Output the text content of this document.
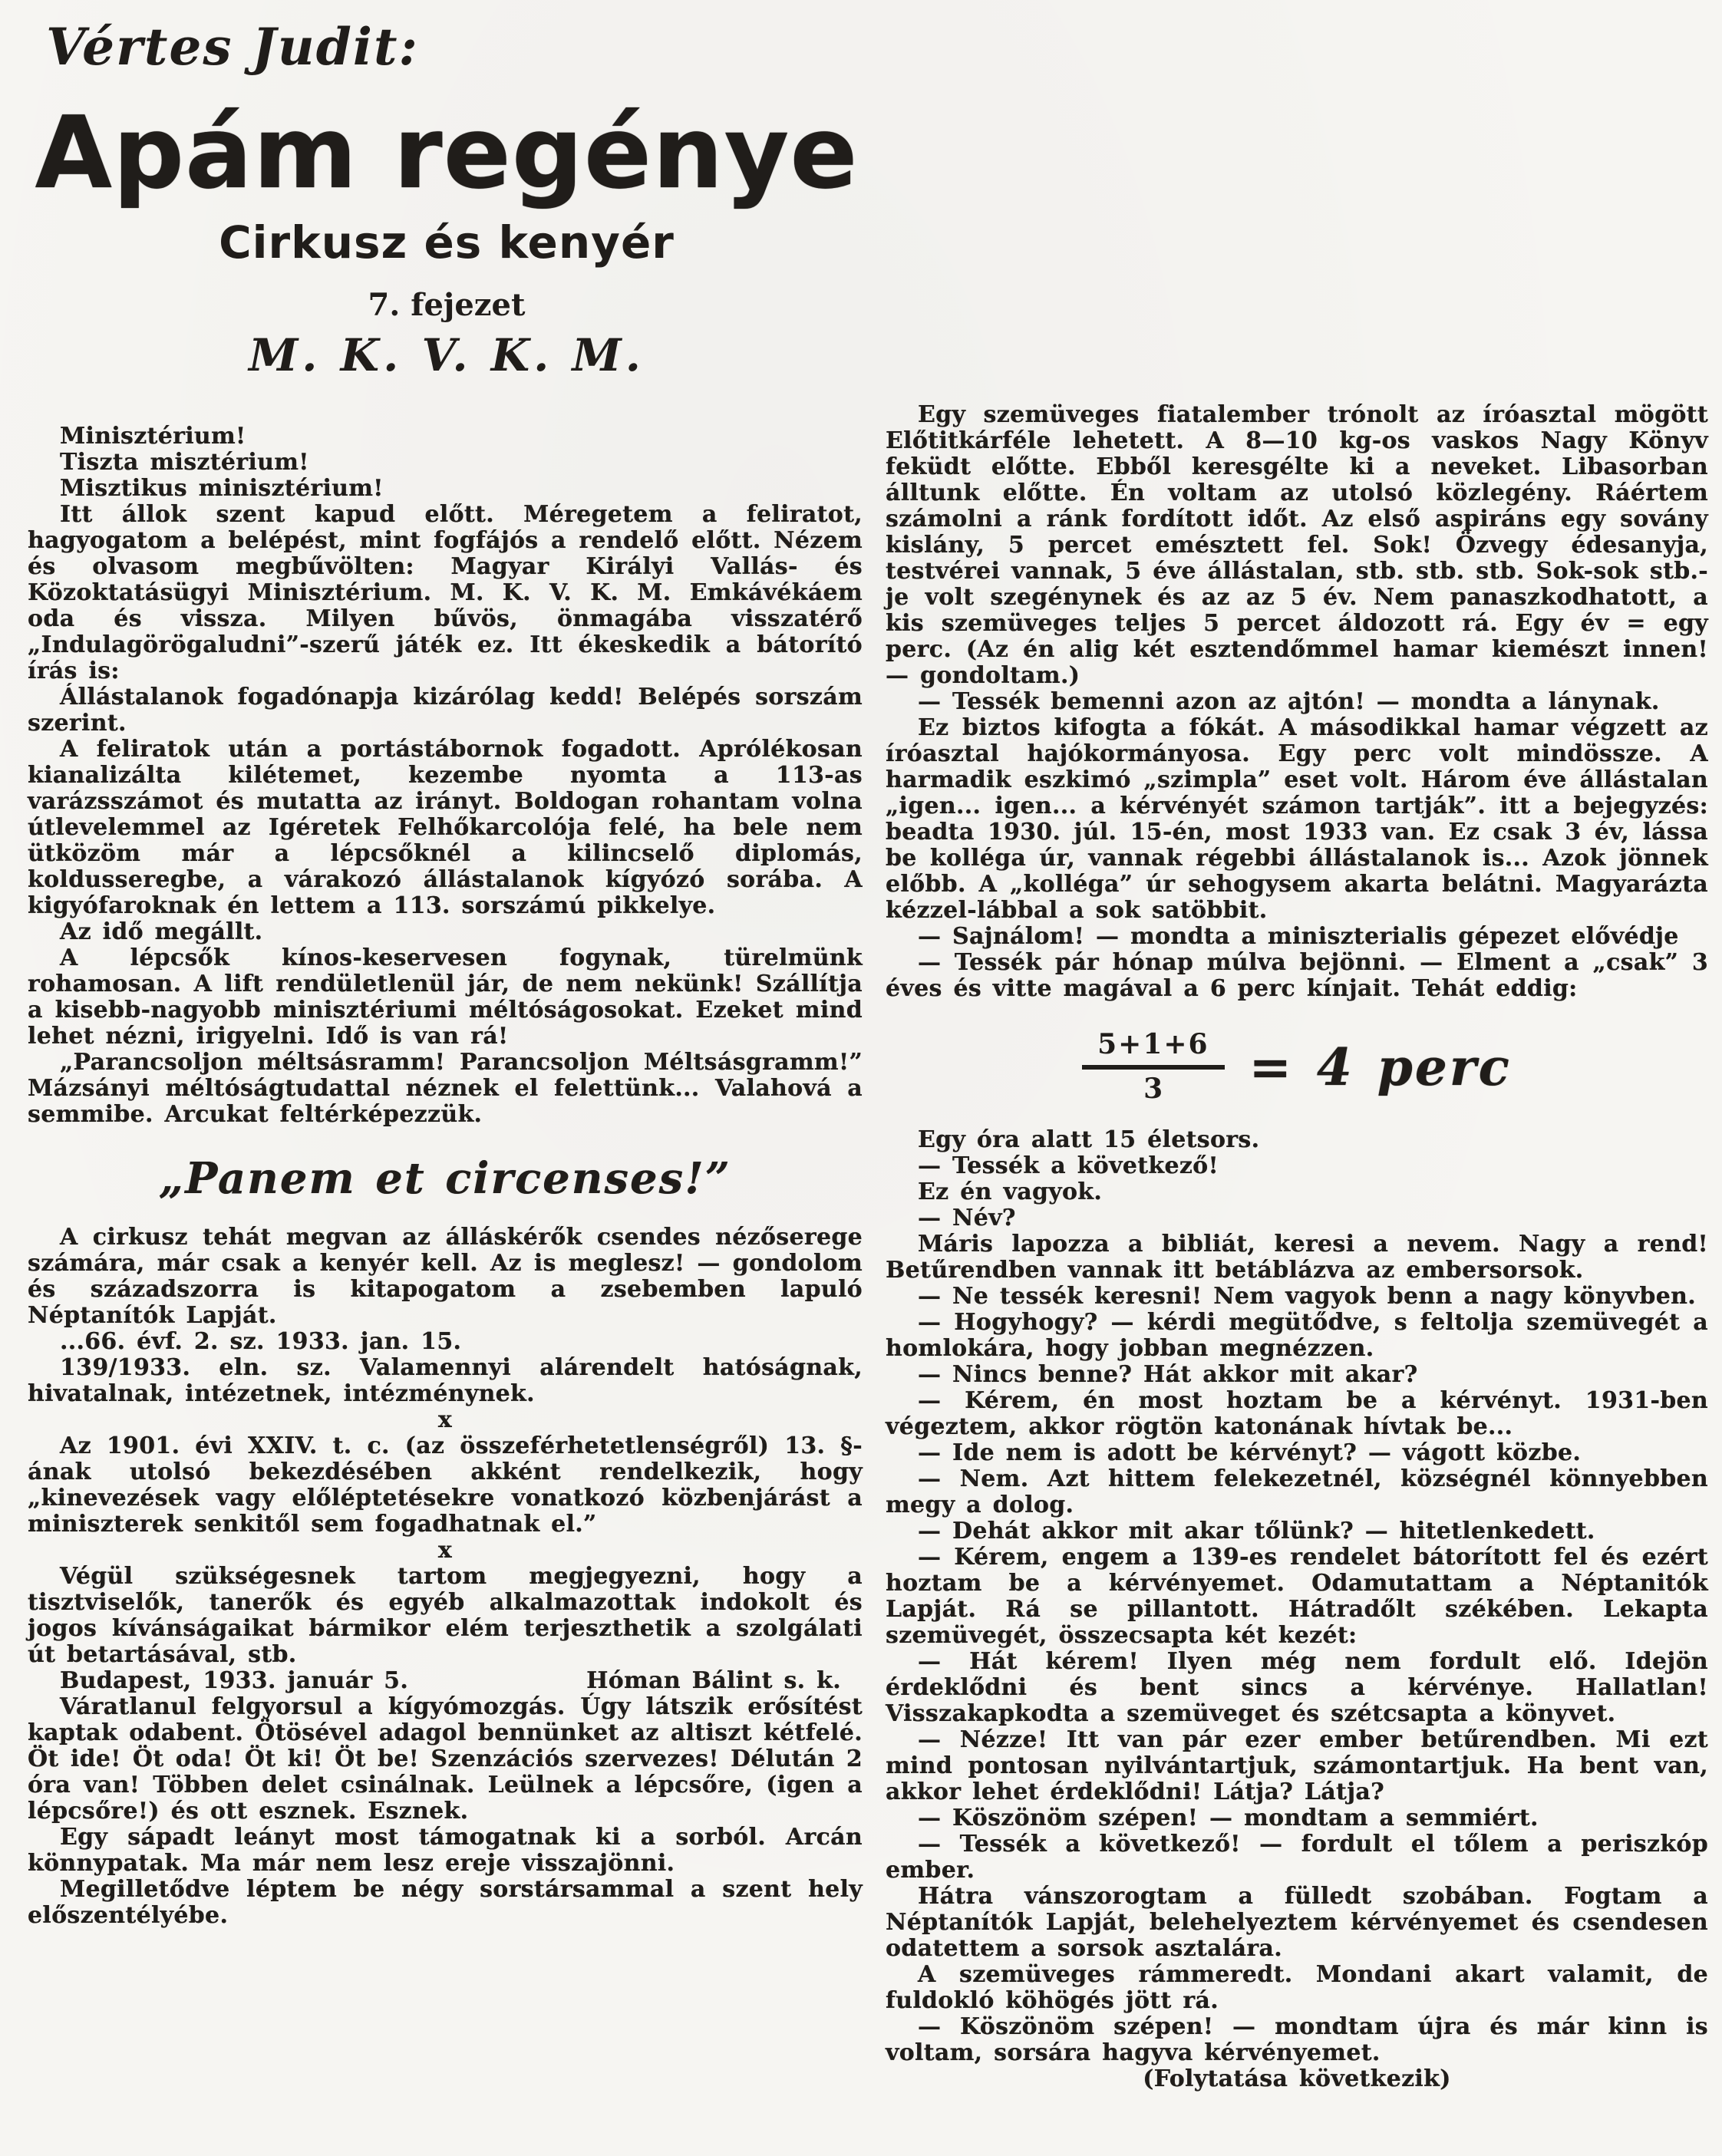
Vértes Judit:
Apám regénye
Cirkusz és kenyér
7. fejezet
M. K. V. K. M.

Minisztérium!

Tiszta misztérium!

Misztikus minisztérium!

Itt állok szent kapud előtt. Méregetem a feliratot, hagyogatom a belépést, mint fogfájós a rendelő előtt. Nézem és olvasom megbűvölten: Magyar Királyi Vallás- és Közoktatásügyi Minisztérium. M. K. V. K. M. Emkávékáem oda és vissza. Milyen bűvös, önmagába visszatérő „Indulagörögaludni”-szerű játék ez. Itt ékeskedik a bátorító írás is:

Állástalanok fogadónapja kizárólag kedd! Belépés sorszám szerint.

A feliratok után a portástábornok fogadott. Aprólékosan kianalizálta kilétemet, kezembe nyomta a 113-as varázsszámot és mutatta az irányt. Boldogan rohantam volna útlevelemmel az Igéretek Felhőkarcolója felé, ha bele nem ütközöm már a lépcsőknél a kilincselő diplomás, koldusseregbe, a várakozó állástalanok kígyózó sorába. A kigyófaroknak én lettem a 113. sorszámú pikkelye.

Az idő megállt.

A lépcsők kínos-keservesen fogynak, türelmünk rohamosan. A lift rendületlenül jár, de nem nekünk! Szállítja a kisebb-nagyobb minisztériumi méltóságosokat. Ezeket mind lehet nézni, irigyelni. Idő is van rá!

„Parancsoljon méltsásramm! Parancsoljon Méltsásgramm!” Mázsányi méltóságtudattal néznek el felettünk... Valahová a semmibe. Arcukat feltérképezzük.

„Panem et circenses!”

A cirkusz tehát megvan az álláskérők csendes nézőserege számára, már csak a kenyér kell. Az is meglesz! — gondolom és századszorra is kitapogatom a zsebemben lapuló Néptanítók Lapját.

...66. évf. 2. sz. 1933. jan. 15.

139/1933. eln. sz. Valamennyi alárendelt hatóságnak, hivatalnak, intézetnek, intézménynek.

x

Az 1901. évi XXIV. t. c. (az összeférhetetlenségről) 13. §-ának utolsó bekezdésében akként rendelkezik, hogy „kinevezések vagy előléptetésekre vonatkozó közbenjárást a miniszterek senkitől sem fogadhatnak el.”

x

Végül szükségesnek tartom megjegyezni, hogy a tisztviselők, tanerők és egyéb alkalmazottak indokolt és jogos kívánságaikat bármikor elém terjeszthetik a szolgálati út betartásával, stb.

Budapest, 1933. január 5.	Hóman Bálint s. k.

Váratlanul felgyorsul a kígyómozgás. Úgy látszik erősítést kaptak odabent. Ötösével adagol bennünket az altiszt kétfelé. Öt ide! Öt oda! Öt ki! Öt be! Szenzációs szervezes! Délután 2 óra van! Többen delet csinálnak. Leülnek a lépcsőre, (igen a lépcsőre!) és ott esznek. Esznek.

Egy sápadt leányt most támogatnak ki a sorból. Arcán könnypatak. Ma már nem lesz ereje visszajönni.

Megilletődve léptem be négy sorstársammal a szent hely előszentélyébe.

Egy szemüveges fiatalember trónolt az íróasztal mögött Előtitkárféle lehetett. A 8—10 kg-os vaskos Nagy Könyv feküdt előtte. Ebből keresgélte ki a neveket. Libasorban álltunk előtte. Én voltam az utolsó közlegény. Ráértem számolni a ránk fordított időt. Az első aspiráns egy sovány kislány, 5 percet emésztett fel. Sok! Özvegy édesanyja, testvérei vannak, 5 éve állástalan, stb. stb. stb. Sok-sok stb.-je volt szegénynek és az az 5 év. Nem panaszkodhatott, a kis szemüveges teljes 5 percet áldozott rá. Egy év = egy perc. (Az én alig két esztendőmmel hamar kiemészt innen! — gondoltam.)

— Tessék bemenni azon az ajtón! — mondta a lánynak.

Ez biztos kifogta a fókát. A másodikkal hamar végzett az íróasztal hajókormányosa. Egy perc volt mindössze. A harmadik eszkimó „szimpla” eset volt. Három éve állástalan „igen... igen... a kérvényét számon tartják”. itt a bejegyzés: beadta 1930. júl. 15-én, most 1933 van. Ez csak 3 év, lássa be kolléga úr, vannak régebbi állástalanok is... Azok jönnek előbb. A „kolléga” úr sehogysem akarta belátni. Magyarázta kézzel-lábbal a sok satöbbit.

— Sajnálom! — mondta a miniszterialis gépezet elővédje

— Tessék pár hónap múlva bejönni. — Elment a „csak” 3 éves és vitte magával a 6 perc kínjait. Tehát eddig:

$\frac{5+1+6}{3} = 4$ perc

Egy óra alatt 15 életsors.

— Tessék a következő!

Ez én vagyok.

— Név?

Máris lapozza a bibliát, keresi a nevem. Nagy a rend! Betűrendben vannak itt betáblázva az embersorsok.

— Ne tessék keresni! Nem vagyok benn a nagy könyvben.

— Hogyhogy? — kérdi megütődve, s feltolja szemüvegét a homlokára, hogy jobban megnézzen.

— Nincs benne? Hát akkor mit akar?

— Kérem, én most hoztam be a kérvényt. 1931-ben végeztem, akkor rögtön katonának hívtak be...

— Ide nem is adott be kérvényt? — vágott közbe.

— Nem. Azt hittem felekezetnél, községnél könnyebben megy a dolog.

— Dehát akkor mit akar tőlünk? — hitetlenkedett.

— Kérem, engem a 139-es rendelet bátorított fel és ezért hoztam be a kérvényemet. Odamutattam a Néptanitók Lapját. Rá se pillantott. Hátradőlt székében. Lekapta szemüvegét, összecsapta két kezét:

— Hát kérem! Ilyen még nem fordult elő. Idejön érdeklődni és bent sincs a kérvénye. Hallatlan! Visszakapkodta a szemüveget és szétcsapta a könyvet.

— Nézze! Itt van pár ezer ember betűrendben. Mi ezt mind pontosan nyilvántartjuk, számontartjuk. Ha bent van, akkor lehet érdeklődni! Látja? Látja?

— Köszönöm szépen! — mondtam a semmiért.

— Tessék a következő! — fordult el tőlem a periszkóp ember.

Hátra vánszorogtam a fülledt szobában. Fogtam a Néptanítók Lapját, belehelyeztem kérvényemet és csendesen odatettem a sorsok asztalára.

A szemüveges rámmeredt. Mondani akart valamit, de fuldokló köhögés jött rá.

— Köszönöm szépen! — mondtam újra és már kinn is voltam, sorsára hagyva kérvényemet.

(Folytatása következik)
